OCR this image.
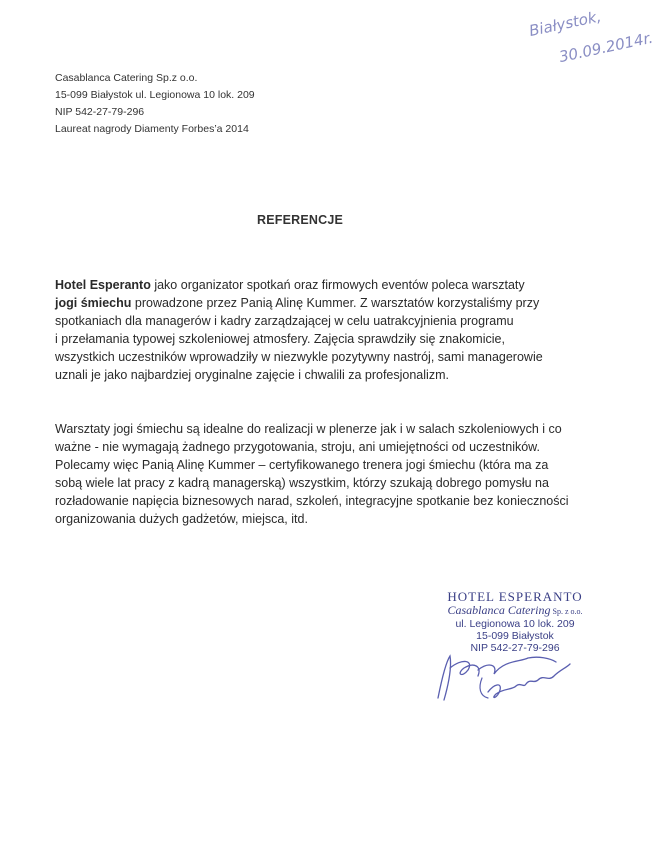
Białystok,
30.09.2014r.
Casablanca Catering Sp.z o.o.
15-099 Białystok ul. Legionowa 10 lok. 209
NIP 542-27-79-296
Laureat nagrody Diamenty Forbes’a 2014
REFERENCJE
Hotel Esperanto jako organizator spotkań oraz firmowych eventów poleca warsztaty
jogi śmiechu prowadzone przez Panią Alinę Kummer. Z warsztatów korzystaliśmy przy
spotkaniach dla managerów i kadry zarządzającej w celu uatrakcyjnienia programu
i przełamania typowej szkoleniowej atmosfery. Zajęcia sprawdziły się znakomicie,
wszystkich uczestników wprowadziły w niezwykle pozytywny nastrój, sami managerowie
uznali je jako najbardziej oryginalne zajęcie i chwalili za profesjonalizm.
Warsztaty jogi śmiechu są idealne do realizacji w plenerze jak i w salach szkoleniowych i co
ważne - nie wymagają żadnego przygotowania, stroju, ani umiejętności od uczestników.
Polecamy więc Panią Alinę Kummer – certyfikowanego trenera jogi śmiechu (która ma za
sobą wiele lat pracy z kadrą managerską) wszystkim, którzy szukają dobrego pomysłu na
rozładowanie napięcia biznesowych narad, szkoleń, integracyjne spotkanie bez konieczności
organizowania dużych gadżetów, miejsca, itd.
HOTEL ESPERANTO
Casablanca Catering Sp. z o.o.
ul. Legionowa 10 lok. 209
15-099 Białystok
NIP 542-27-79-296
